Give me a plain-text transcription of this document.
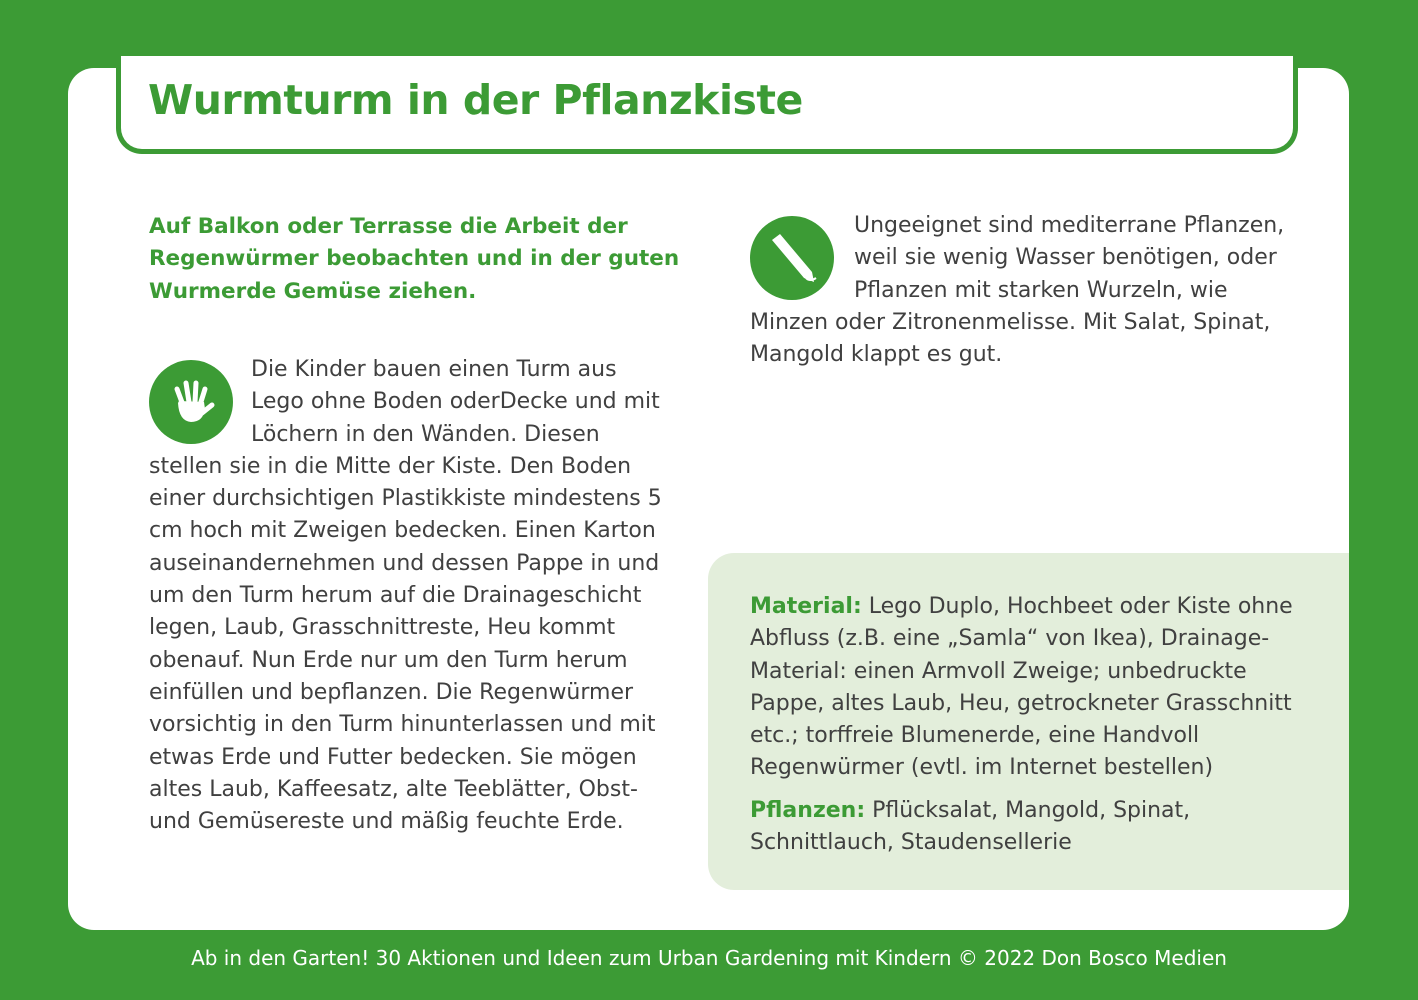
Wurmturm in der Pflanzkiste

Auf Balkon oder Terrasse die Arbeit der Regenwürmer beobachten und in der guten Wurmerde Gemüse ziehen.

Die Kinder bauen einen Turm aus Lego ohne Boden oderDecke und mit Löchern in den Wänden. Diesen stellen sie in die Mitte der Kiste. Den Boden einer durchsichtigen Plastikkiste mindestens 5 cm hoch mit Zweigen bedecken. Einen Karton auseinandernehmen und dessen Pappe in und um den Turm herum auf die Drainageschicht legen, Laub, Grasschnittreste, Heu kommt obenauf. Nun Erde nur um den Turm herum einfüllen und bepflanzen. Die Regenwürmer vorsichtig in den Turm hinunterlassen und mit etwas Erde und Futter bedecken. Sie mögen altes Laub, Kaffeesatz, alte Teeblätter, Obst- und Gemüsereste und mäßig feuchte Erde.

Ungeeignet sind mediterrane Pflanzen, weil sie wenig Wasser benötigen, oder Pflanzen mit starken Wurzeln, wie Minzen oder Zitronenmelisse. Mit Salat, Spinat, Mangold klappt es gut.

Material: Lego Duplo, Hochbeet oder Kiste ohne Abfluss (z.B. eine „Samla“ von Ikea), Drainage-Material: einen Armvoll Zweige; unbedruckte Pappe, altes Laub, Heu, getrockneter Grasschnitt etc.; torffreie Blumenerde, eine Handvoll Regenwürmer (evtl. im Internet bestellen)

Pflanzen: Pflücksalat, Mangold, Spinat, Schnittlauch, Staudensellerie

Ab in den Garten! 30 Aktionen und Ideen zum Urban Gardening mit Kindern © 2022 Don Bosco Medien
